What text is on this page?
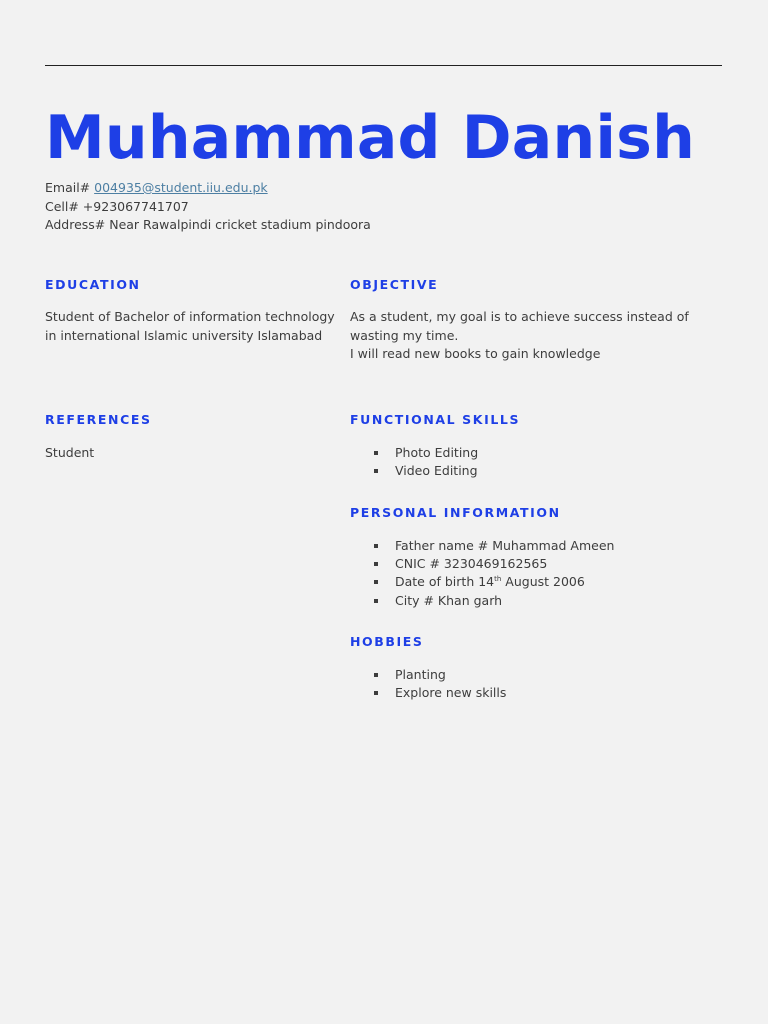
Muhammad Danish
Email# 004935@student.iiu.edu.pk
Cell# +923067741707
Address# Near Rawalpindi cricket stadium pindoora
EDUCATION
Student of Bachelor of information technology
in international Islamic university Islamabad
OBJECTIVE
As a student, my goal is to achieve success instead of
wasting my time.
I will read new books to gain knowledge
REFERENCES
Student
FUNCTIONAL SKILLS
Photo Editing
Video Editing
PERSONAL INFORMATION
Father name # Muhammad Ameen
CNIC # 3230469162565
Date of birth 14th August 2006
City # Khan garh
HOBBIES
Planting
Explore new skills
